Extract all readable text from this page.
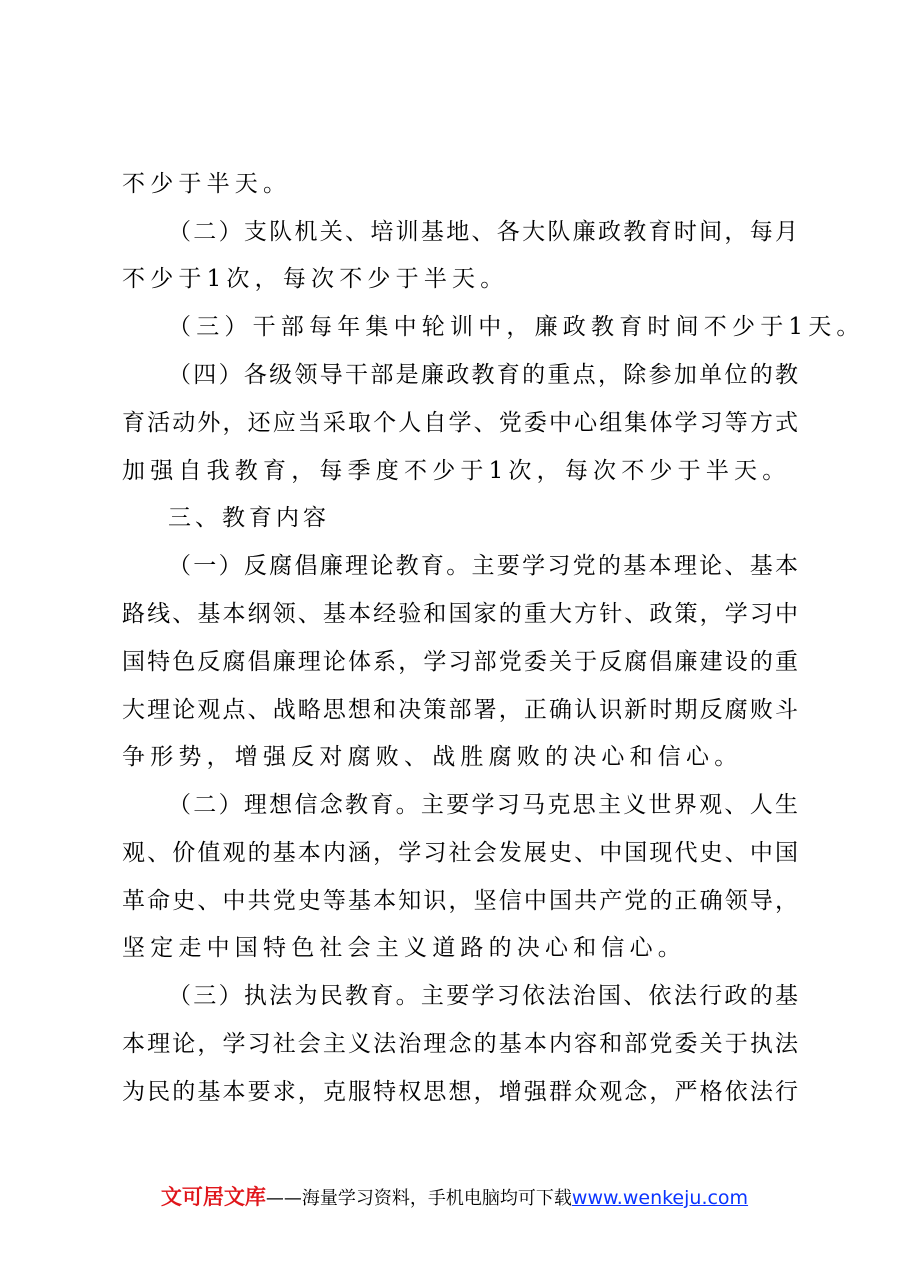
不少于半天。
（二）支队机关、培训基地、各大队廉政教育时间，每月
不少于1次，每次不少于半天。
（三）干部每年集中轮训中，廉政教育时间不少于1天。
（四）各级领导干部是廉政教育的重点，除参加单位的教
育活动外，还应当采取个人自学、党委中心组集体学习等方式
加强自我教育，每季度不少于1次，每次不少于半天。
三、教育内容
（一）反腐倡廉理论教育。主要学习党的基本理论、基本
路线、基本纲领、基本经验和国家的重大方针、政策，学习中
国特色反腐倡廉理论体系，学习部党委关于反腐倡廉建设的重
大理论观点、战略思想和决策部署，正确认识新时期反腐败斗
争形势，增强反对腐败、战胜腐败的决心和信心。
（二）理想信念教育。主要学习马克思主义世界观、人生
观、价值观的基本内涵，学习社会发展史、中国现代史、中国
革命史、中共党史等基本知识，坚信中国共产党的正确领导，
坚定走中国特色社会主义道路的决心和信心。
（三）执法为民教育。主要学习依法治国、依法行政的基
本理论，学习社会主义法治理念的基本内容和部党委关于执法
为民的基本要求，克服特权思想，增强群众观念，严格依法行
文可居文库——海量学习资料，手机电脑均可下载www.wenkeju.com
